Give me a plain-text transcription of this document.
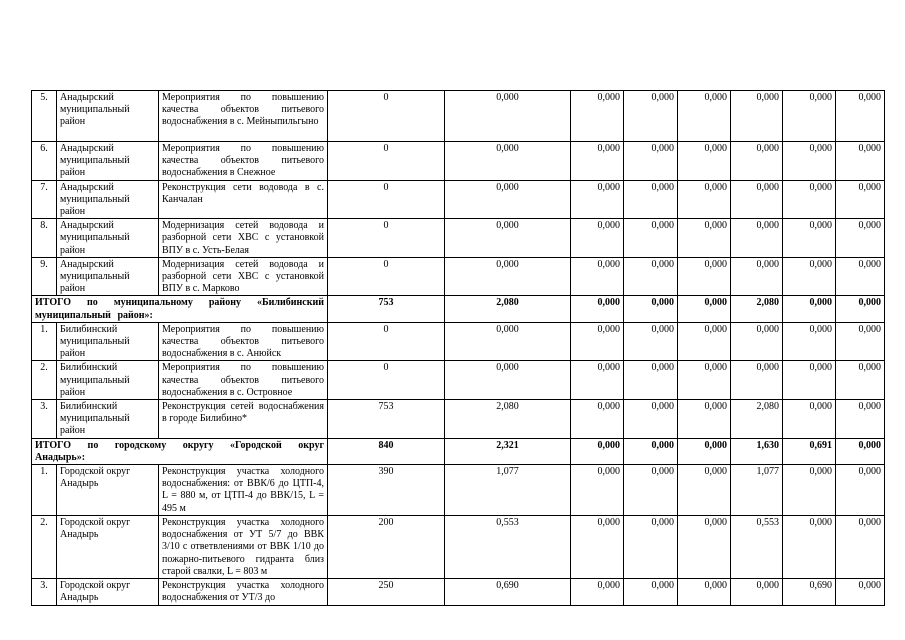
5.	Анадырский муниципальный район	Мероприятия по повышению качества объектов питьевого водоснабжения в с. Мейныпильгыно	0	0,000	0,000	0,000	0,000	0,000	0,000	0,000
6.	Анадырский муниципальный район	Мероприятия по повышению качества объектов питьевого водоснабжения в Снежное	0	0,000	0,000	0,000	0,000	0,000	0,000	0,000
7.	Анадырский муниципальный район	Реконструкция сети водовода в с. Канчалан	0	0,000	0,000	0,000	0,000	0,000	0,000	0,000
8.	Анадырский муниципальный район	Модернизация сетей водовода и разборной сети ХВС с установкой ВПУ в с. Усть-Белая	0	0,000	0,000	0,000	0,000	0,000	0,000	0,000
9.	Анадырский муниципальный район	Модернизация сетей водовода и разборной сети ХВС с установкой ВПУ в с. Марково	0	0,000	0,000	0,000	0,000	0,000	0,000	0,000
ИТОГО по муниципальному району «Билибинский муниципальный район»:			753	2,080	0,000	0,000	0,000	2,080	0,000	0,000
1.	Билибинский муниципальный район	Мероприятия по повышению качества объектов питьевого водоснабжения в с. Анюйск	0	0,000	0,000	0,000	0,000	0,000	0,000	0,000
2.	Билибинский муниципальный район	Мероприятия по повышению качества объектов питьевого водоснабжения в с. Островное	0	0,000	0,000	0,000	0,000	0,000	0,000	0,000
3.	Билибинский муниципальный район	Реконструкция сетей водоснабжения в городе Билибино*	753	2,080	0,000	0,000	0,000	2,080	0,000	0,000
ИТОГО по городскому округу «Городской округ Анадырь»:			840	2,321	0,000	0,000	0,000	1,630	0,691	0,000
1.	Городской округ Анадырь	Реконструкция участка холодного водоснабжения: от ВВК/6 до ЦТП-4, L = 880 м, от ЦТП-4 до ВВК/15, L = 495 м	390	1,077	0,000	0,000	0,000	1,077	0,000	0,000
2.	Городской округ Анадырь	Реконструкция участка холодного водоснабжения от УТ 5/7 до ВВК 3/10 с ответвлениями от ВВК 1/10 до пожарно-питьевого гидранта близ старой свалки, L = 803 м	200	0,553	0,000	0,000	0,000	0,553	0,000	0,000
3.	Городской округ Анадырь	Реконструкция участка холодного водоснабжения от УТ/3 до	250	0,690	0,000	0,000	0,000	0,000	0,690	0,000
